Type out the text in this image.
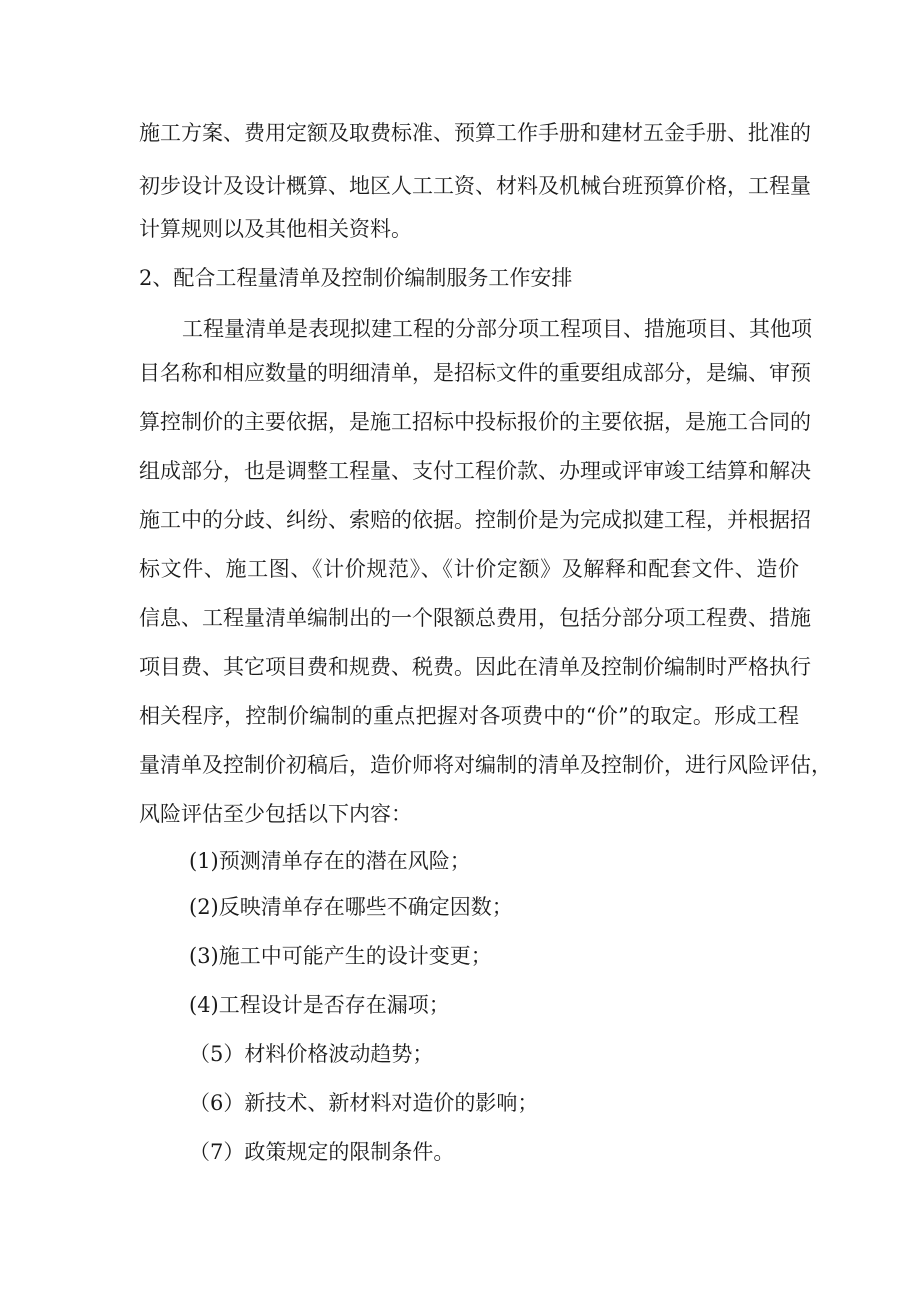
施工方案、费用定额及取费标准、预算工作手册和建材五金手册、批准的
初步设计及设计概算、地区人工工资、材料及机械台班预算价格，工程量
计算规则以及其他相关资料。
2、配合工程量清单及控制价编制服务工作安排
工程量清单是表现拟建工程的分部分项工程项目、措施项目、其他项
目名称和相应数量的明细清单，是招标文件的重要组成部分，是编、审预
算控制价的主要依据，是施工招标中投标报价的主要依据，是施工合同的
组成部分，也是调整工程量、支付工程价款、办理或评审竣工结算和解决
施工中的分歧、纠纷、索赔的依据。控制价是为完成拟建工程，并根据招
标文件、施工图、《计价规范》、《计价定额》及解释和配套文件、造价
信息、工程量清单编制出的一个限额总费用，包括分部分项工程费、措施
项目费、其它项目费和规费、税费。因此在清单及控制价编制时严格执行
相关程序，控制价编制的重点把握对各项费中的“价”的取定。形成工程
量清单及控制价初稿后，造价师将对编制的清单及控制价，进行风险评估，
风险评估至少包括以下内容：
(1)预测清单存在的潜在风险；
(2)反映清单存在哪些不确定因数；
(3)施工中可能产生的设计变更；
(4)工程设计是否存在漏项；
（5）材料价格波动趋势；
（6）新技术、新材料对造价的影响；
（7）政策规定的限制条件。
